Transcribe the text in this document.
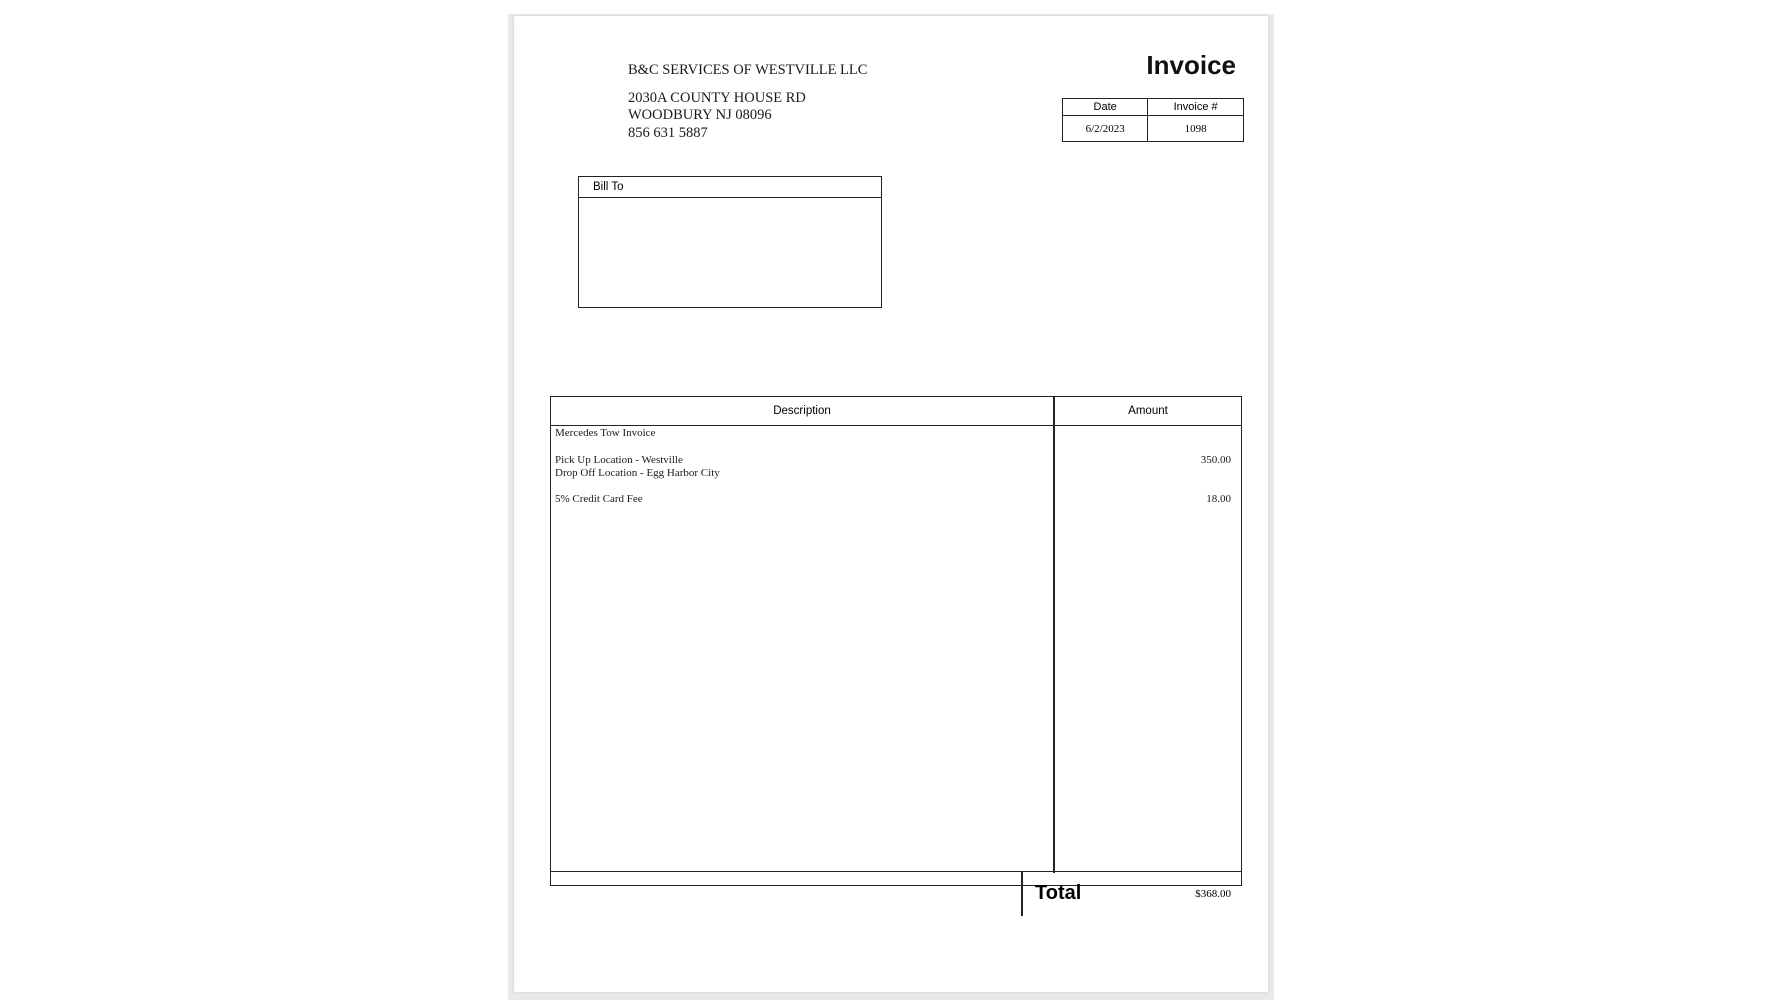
B&C SERVICES OF WESTVILLE LLC
2030A COUNTY HOUSE RD
WOODBURY NJ 08096
856 631 5887
Invoice
Date	Invoice #
6/2/2023	1098
Bill To
Description	Amount
Mercedes Tow Invoice
Pick Up Location - Westville	350.00
Drop Off Location - Egg Harbor City
5% Credit Card Fee	18.00
Total	$368.00
